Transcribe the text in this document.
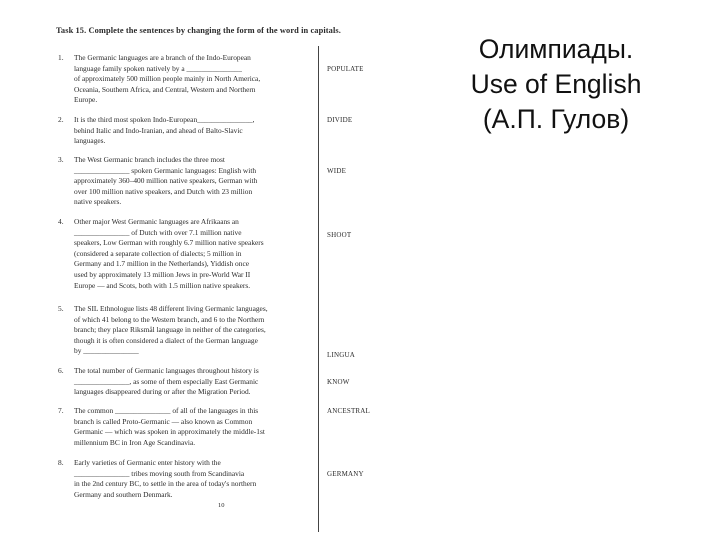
Task 15. Complete the sentences by changing the form of the word in capitals.
1. The Germanic languages are a branch of the Indo-European
language family spoken natively by a _______________
of approximately 500 million people mainly in North America,
Oceania, Southern Africa, and Central, Western and Northern
Europe.
POPULATE
2. It is the third most spoken Indo-European_______________,
behind Italic and Indo-Iranian, and ahead of Balto-Slavic
languages.
DIVIDE
3. The West Germanic branch includes the three most
_______________ spoken Germanic languages: English with
approximately 360–400 million native speakers, German with
over 100 million native speakers, and Dutch with 23 million
native speakers.
WIDE
4. Other major West Germanic languages are Afrikaans an
_______________ of Dutch with over 7.1 million native
speakers, Low German with roughly 6.7 million native speakers
(considered a separate collection of dialects; 5 million in
Germany and 1.7 million in the Netherlands), Yiddish once
used by approximately 13 million Jews in pre-World War II
Europe — and Scots, both with 1.5 million native speakers.
SHOOT
5. The SIL Ethnologue lists 48 different living Germanic languages,
of which 41 belong to the Western branch, and 6 to the Northern
branch; they place Riksmål language in neither of the categories,
though it is often considered a dialect of the German language
by _______________	LINGUA
6. The total number of Germanic languages throughout history is
_______________, as some of them especially East Germanic
languages disappeared during or after the Migration Period.
KNOW
7. The common _______________ of all of the languages in this
branch is called Proto-Germanic — also known as Common
Germanic — which was spoken in approximately the middle-1st
millennium BC in Iron Age Scandinavia.
ANCESTRAL
8. Early varieties of Germanic enter history with the
_______________ tribes moving south from Scandinavia
in the 2nd century BC, to settle in the area of today's northern
Germany and southern Denmark.
GERMANY
10
Олимпиады.
Use of English
(А.П. Гулов)
